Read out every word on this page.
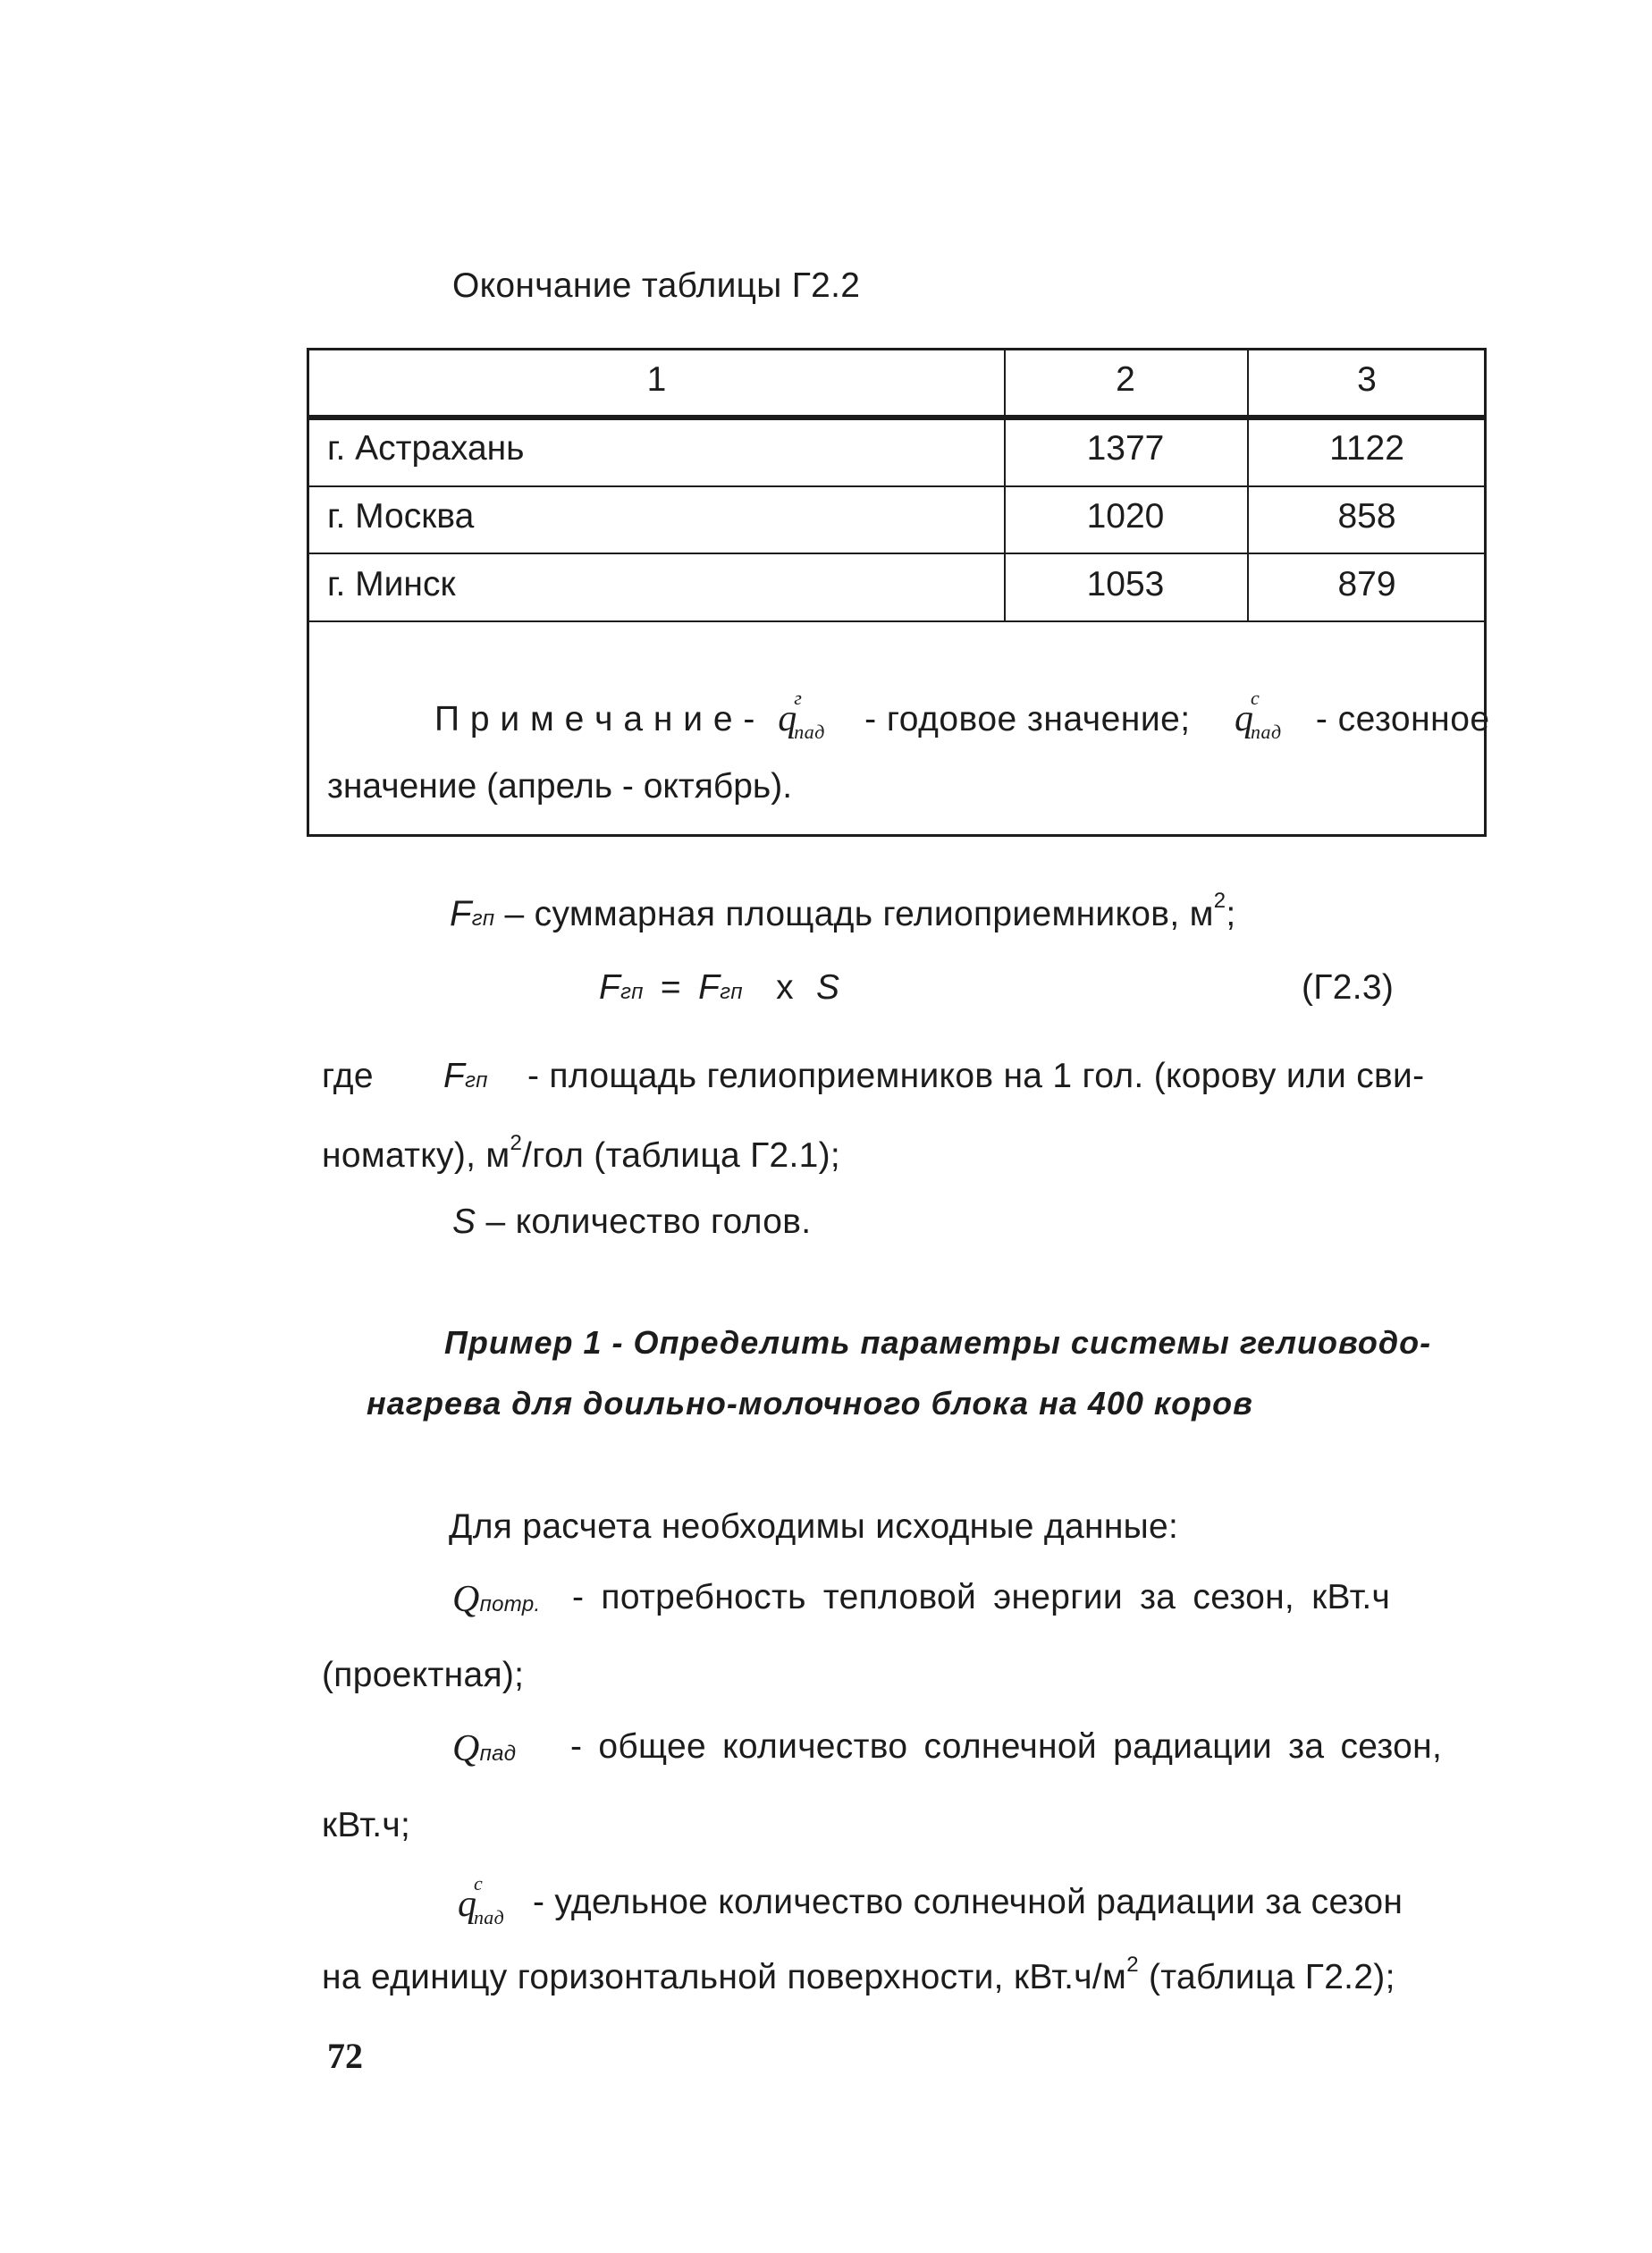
Окончание таблицы Г2.2
1	2	3
г. Астрахань	1377	1122
г. Москва	1020	858
г. Минск	1053	879
П р и м е ч а н и е - q
г
пад - годовое значение; q
с
пад - сезонное
значение (апрель - октябрь).
Fгп – суммарная площадь гелиоприемников, $м^2$;
Fгп = Fгп х S	(Г2.3)
где Fгп - площадь гелиоприемников на 1 гол. (корову или сви-
номатку), $м^2$/гол (таблица Г2.1);
S – количество голов.
Пример 1 - Определить параметры системы гелиоводо-
нагрева для доильно-молочного блока на 400 коров
Для расчета необходимы исходные данные:
Qпотр. - потребность тепловой энергии за сезон, кВт.ч
(проектная);
Qпад - общее количество солнечной радиации за сезон,
кВт.ч;
q
с
пад - удельное количество солнечной радиации за сезон
на единицу горизонтальной поверхности, $кВт.ч/м^2$ (таблица Г2.2);
72
